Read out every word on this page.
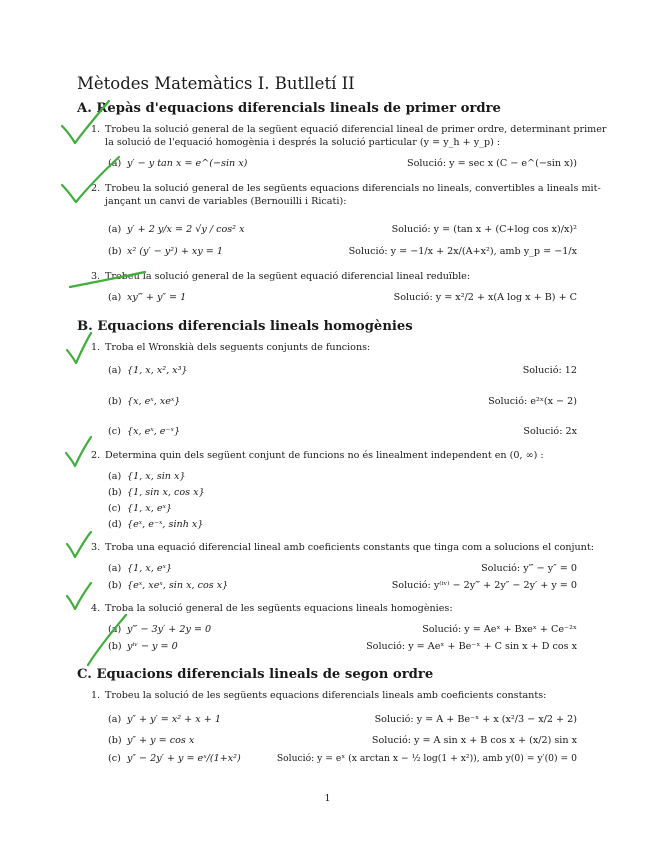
Mètodes Matemàtics I. Butlletí II
A. Repàs d'equacions diferencials lineals de primer ordre
1. Trobeu la solució general de la següent equació diferencial lineal de primer ordre, determinant primer
la solució de l'equació homogènia i després la solució particular (y = y_h + y_p) :
(a) y′ − y tan x = e^(−sin x)	Solució: y = sec x (C − e^(−sin x))
2. Trobeu la solució general de les següents equacions diferencials no lineals, convertibles a lineals mit-
jançant un canvi de variables (Bernouilli i Ricati):
(a) y′ + 2 y/x = 2 √y / cos² x	Solució: y = (tan x + (C+log cos x)/x)²
(b) x² (y′ − y²) + xy = 1	Solució: y = −1/x + 2x/(A+x²), amb y_p = −1/x
3. Trobeu la solució general de la següent equació diferencial lineal reduïble:
(a) xy‴ + y″ = 1	Solució: y = x²/2 + x(A log x + B) + C
B. Equacions diferencials lineals homogènies
1. Troba el Wronskià dels seguents conjunts de funcions:
(a) {1, x, x², x³}	Solució: 12
(b) {x, eˣ, xeˣ}	Solució: e²ˣ(x − 2)
(c) {x, eˣ, e⁻ˣ}	Solució: 2x
2. Determina quin dels següent conjunt de funcions no és linealment independent en (0, ∞) :
(a) {1, x, sin x}
(b) {1, sin x, cos x}
(c) {1, x, eˣ}
(d) {eˣ, e⁻ˣ, sinh x}
3. Troba una equació diferencial lineal amb coeficients constants que tinga com a solucions el conjunt:
(a) {1, x, eˣ}	Solució: y‴ − y″ = 0
(b) {eˣ, xeˣ, sin x, cos x}	Solució: y⁽ⁱᵛ⁾ − 2y‴ + 2y″ − 2y′ + y = 0
4. Troba la solució general de les següents equacions lineals homogènies:
(a) y‴ − 3y′ + 2y = 0	Solució: y = Aeˣ + Bxeˣ + Ce⁻²ˣ
(b) yⁱᵛ − y = 0	Solució: y = Aeˣ + Be⁻ˣ + C sin x + D cos x
C. Equacions diferencials lineals de segon ordre
1. Trobeu la solució de les següents equacions diferencials lineals amb coeficients constants:
(a) y″ + y′ = x² + x + 1	Solució: y = A + Be⁻ˣ + x (x²/3 − x/2 + 2)
(b) y″ + y = cos x	Solució: y = A sin x + B cos x + (x/2) sin x
(c) y″ − 2y′ + y = eˣ/(1+x²)	Solució: y = eˣ (x arctan x − ½ log(1 + x²)), amb y(0) = y′(0) = 0
1
